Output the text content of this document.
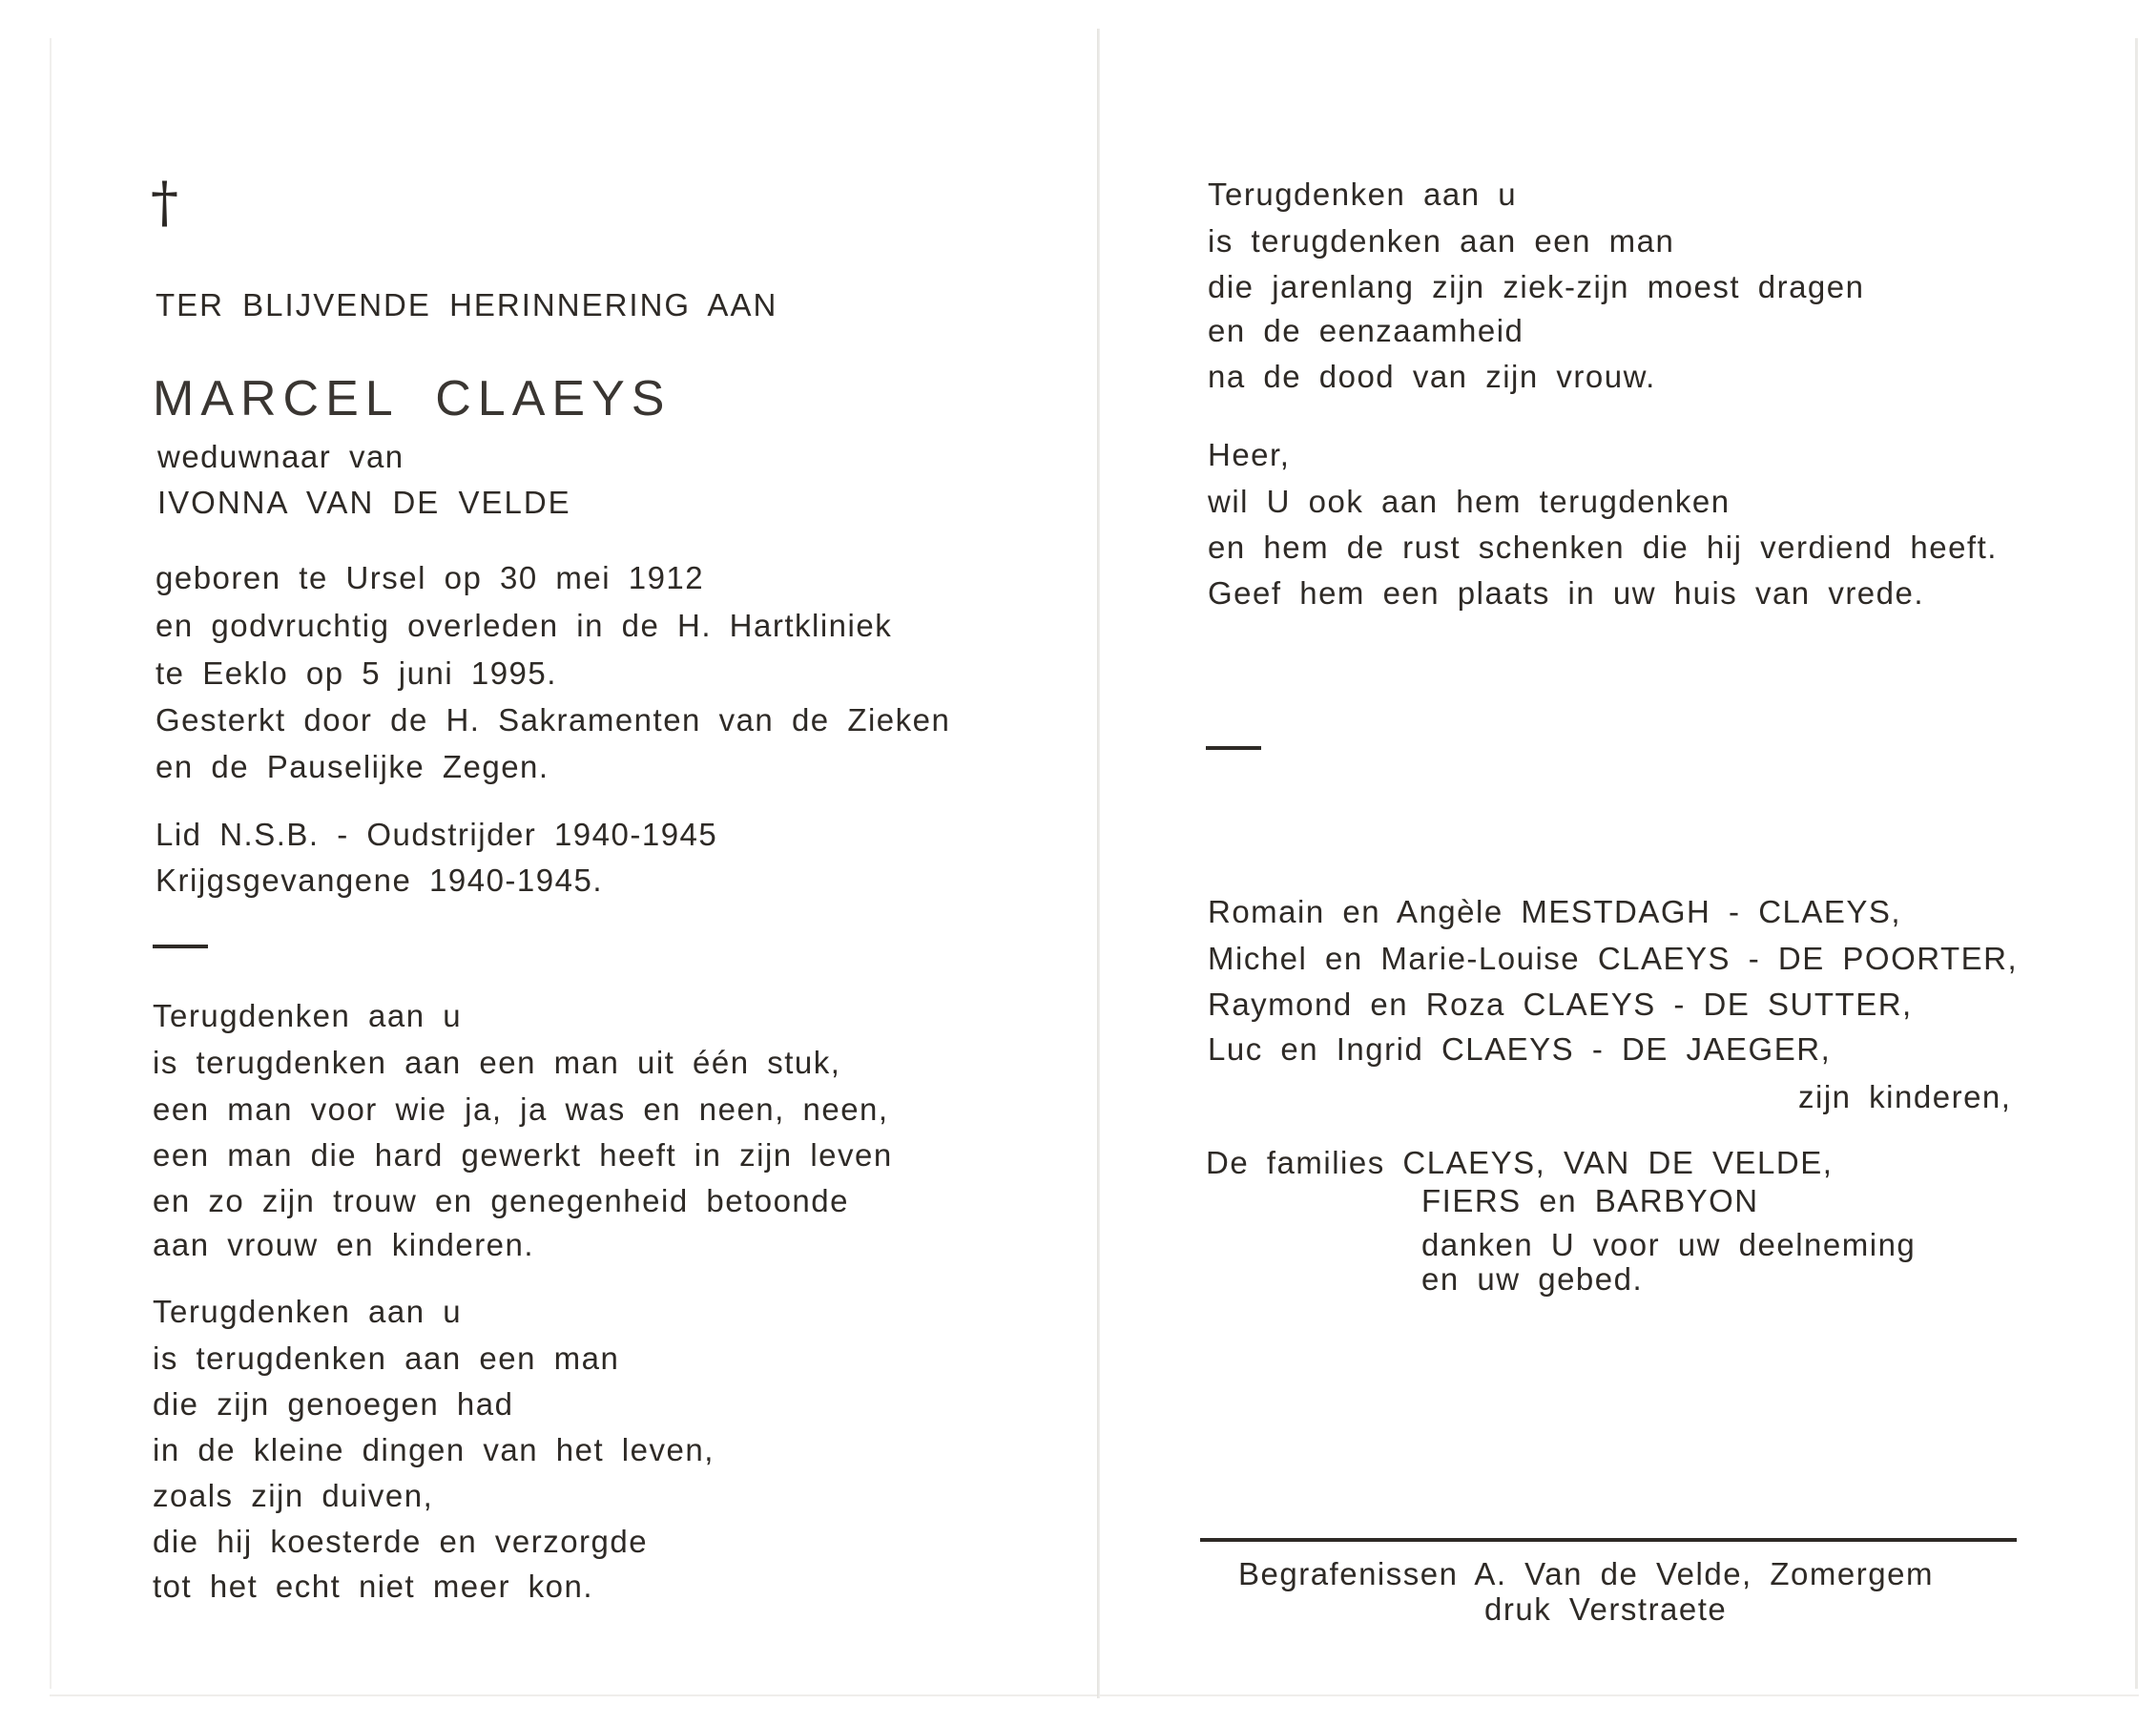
†
TER BLIJVENDE HERINNERING AAN
MARCEL CLAEYS
weduwnaar van
IVONNA VAN DE VELDE
geboren te Ursel op 30 mei 1912
en godvruchtig overleden in de H. Hartkliniek
te Eeklo op 5 juni 1995.
Gesterkt door de H. Sakramenten van de Zieken
en de Pauselijke Zegen.
Lid N.S.B. - Oudstrijder 1940-1945
Krijgsgevangene 1940-1945.
Terugdenken aan u
is terugdenken aan een man uit één stuk,
een man voor wie ja, ja was en neen, neen,
een man die hard gewerkt heeft in zijn leven
en zo zijn trouw en genegenheid betoonde
aan vrouw en kinderen.
Terugdenken aan u
is terugdenken aan een man
die zijn genoegen had
in de kleine dingen van het leven,
zoals zijn duiven,
die hij koesterde en verzorgde
tot het echt niet meer kon.
Terugdenken aan u
is terugdenken aan een man
die jarenlang zijn ziek-zijn moest dragen
en de eenzaamheid
na de dood van zijn vrouw.
Heer,
wil U ook aan hem terugdenken
en hem de rust schenken die hij verdiend heeft.
Geef hem een plaats in uw huis van vrede.
Romain en Angèle MESTDAGH - CLAEYS,
Michel en Marie-Louise CLAEYS - DE POORTER,
Raymond en Roza CLAEYS - DE SUTTER,
Luc en Ingrid CLAEYS - DE JAEGER,
zijn kinderen,
De families CLAEYS, VAN DE VELDE,
FIERS en BARBYON
danken U voor uw deelneming
en uw gebed.
Begrafenissen A. Van de Velde, Zomergem
druk Verstraete
